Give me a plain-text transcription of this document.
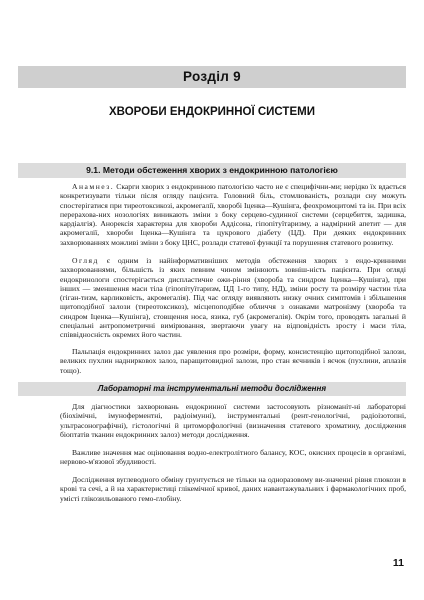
Розділ 9
ХВОРОБИ ЕНДОКРИННОЇ СИСТЕМИ
9.1. Методи обстеження хворих з ендокринною патологією

Анамнез. Скарги хворих з ендокринною патологією часто не є специфічни-ми; нерідко їх вдається конкретизувати тільки після огляду пацієнта. Головний біль, стомлюваність, розлади сну можуть спостерігатися при тиреотоксикозі, акромегалії, хворобі Іценка—Кушінга, феохромоцитомі та ін. При всіх перерахова-них нозологіях виникають зміни з боку серцево-судинної системи (серцебиття, задишка, кардіалгія). Анорексія характерна для хвороби Аддісона, гіпопітуїтаризму, а надмірний апетит — для акромегалії, хвороби Іценка—Кушінга та цукрового діабету (ЦД). При деяких ендокринних захворюваннях можливі зміни з боку ЦНС, розлади статевої функції та порушення статевого розвитку.

Огляд є одним із найінформативніших методів обстеження хворих з ендо-кринними захворюваннями, більшість із яких певним чином змінюють зовніш-ність пацієнта. При огляді ендокринологи спостерігається диспластичне ожи-ріння (хвороба та синдром Іценка—Кушінга), при інших — зменшення маси тіла (гіпопітуїтаризм, ЦД 1-го типу, НД), зміни росту та розміру частин тіла (гіган-тизм, карликовість, акромегалія). Під час огляду виявляють низку очних симптомів і збільшення щитоподібної залози (тиреотоксикоз), місцепоподібне обличчя з ознаками матронізму (хвороба та синдром Іценка—Кушінга), стовщення носа, язика, губ (акромегалія). Окрім того, проводять загальні й спеціальні антропометричні вимірювання, звертаючи увагу на відповідність зросту і маси тіла, співвідносність окремих його частин.

Пальпація ендокринних залоз дає уявлення про розміри, форму, консистенцію щитоподібної залози, великих пухлин наднирковох залоз, паращитовидної залози, про стан яєчників і яєчок (пухлини, аплазія тощо).

Лабораторні та інструментальні методи дослідження

Для діагностики захворювань ендокринної системи застосовують різноманіт-ні лабораторні (біохімічні, імуноферментні, радіоімунні), інструментальні (рент-генологічні, радіоізотопні, ультрасонографічні), гістологічні й цитоморфологічні (визначення статевого хроматину, дослідження біоптатів тканин ендокринних залоз) методи дослідження.

Важливе значення має оцінювання водно-електролітного балансу, КОС, окисних процесів в організмі, нервово-м'язової збудливості.

Дослідження вуглеводного обміну грунтується не тільки на одноразовому ви-значенні рівня глюкози в крові та сечі, а й на характеристиці глікемічної кривої, даних навантажувальних і фармакологічних проб, умісті глікозильованого гемо-глобіну.

11
